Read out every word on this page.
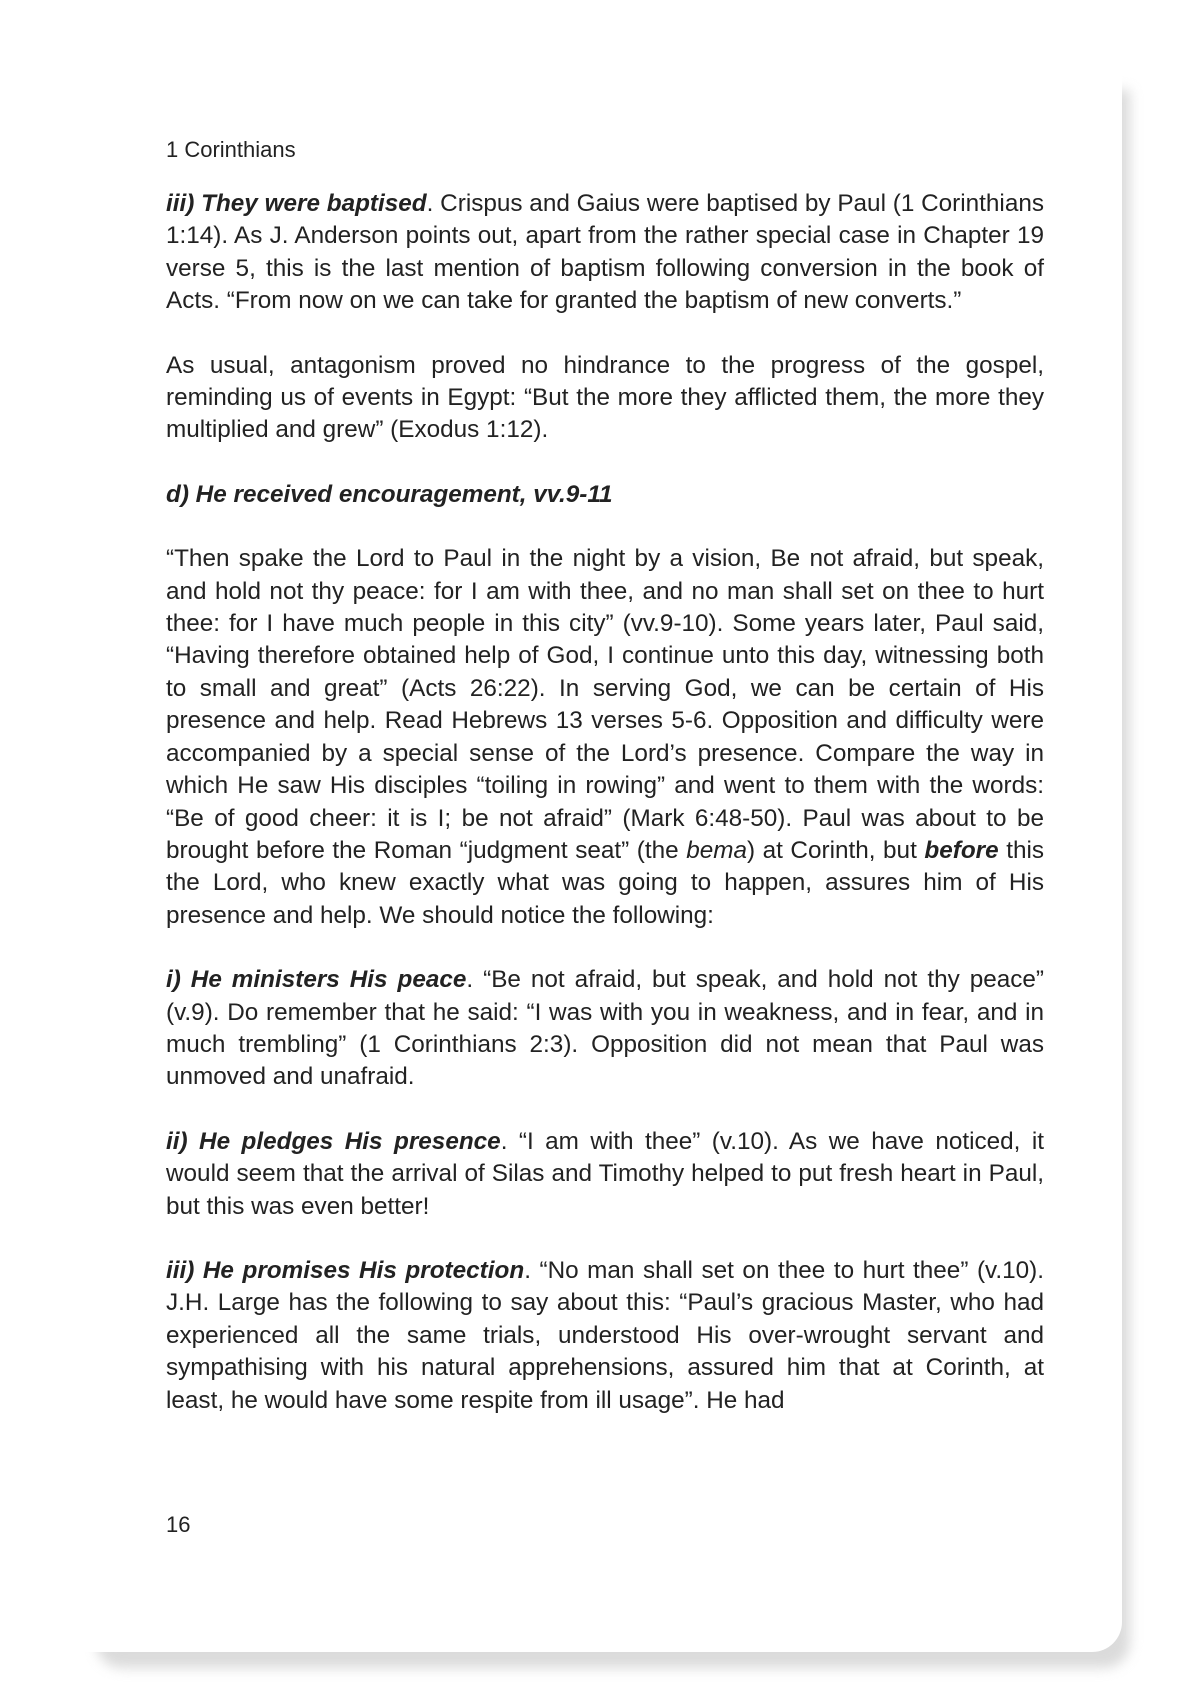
1 Corinthians

iii) They were baptised. Crispus and Gaius were baptised by Paul (1 Corinthians 1:14). As J. Anderson points out, apart from the rather special case in Chapter 19 verse 5, this is the last mention of baptism following conversion in the book of Acts. “From now on we can take for granted the baptism of new converts.”

As usual, antagonism proved no hindrance to the progress of the gospel, reminding us of events in Egypt: “But the more they afflicted them, the more they multiplied and grew” (Exodus 1:12).

d) He received encouragement, vv.9-11

“Then spake the Lord to Paul in the night by a vision, Be not afraid, but speak, and hold not thy peace: for I am with thee, and no man shall set on thee to hurt thee: for I have much people in this city” (vv.9-10). Some years later, Paul said, “Having therefore obtained help of God, I continue unto this day, witnessing both to small and great” (Acts 26:22). In serving God, we can be certain of His presence and help. Read Hebrews 13 verses 5-6. Opposition and difficulty were accompanied by a special sense of the Lord’s presence. Compare the way in which He saw His disciples “toiling in rowing” and went to them with the words: “Be of good cheer: it is I; be not afraid” (Mark 6:48-50). Paul was about to be brought before the Roman “judgment seat” (the bema) at Corinth, but before this the Lord, who knew exactly what was going to happen, assures him of His presence and help. We should notice the following:

i) He ministers His peace. “Be not afraid, but speak, and hold not thy peace” (v.9). Do remember that he said: “I was with you in weakness, and in fear, and in much trembling” (1 Corinthians 2:3). Opposition did not mean that Paul was unmoved and unafraid.

ii) He pledges His presence. “I am with thee” (v.10). As we have noticed, it would seem that the arrival of Silas and Timothy helped to put fresh heart in Paul, but this was even better!

iii) He promises His protection. “No man shall set on thee to hurt thee” (v.10). J.H. Large has the following to say about this: “Paul’s gracious Master, who had experienced all the same trials, understood His over-wrought servant and sympathising with his natural apprehensions, assured him that at Corinth, at least, he would have some respite from ill usage”. He had

16
